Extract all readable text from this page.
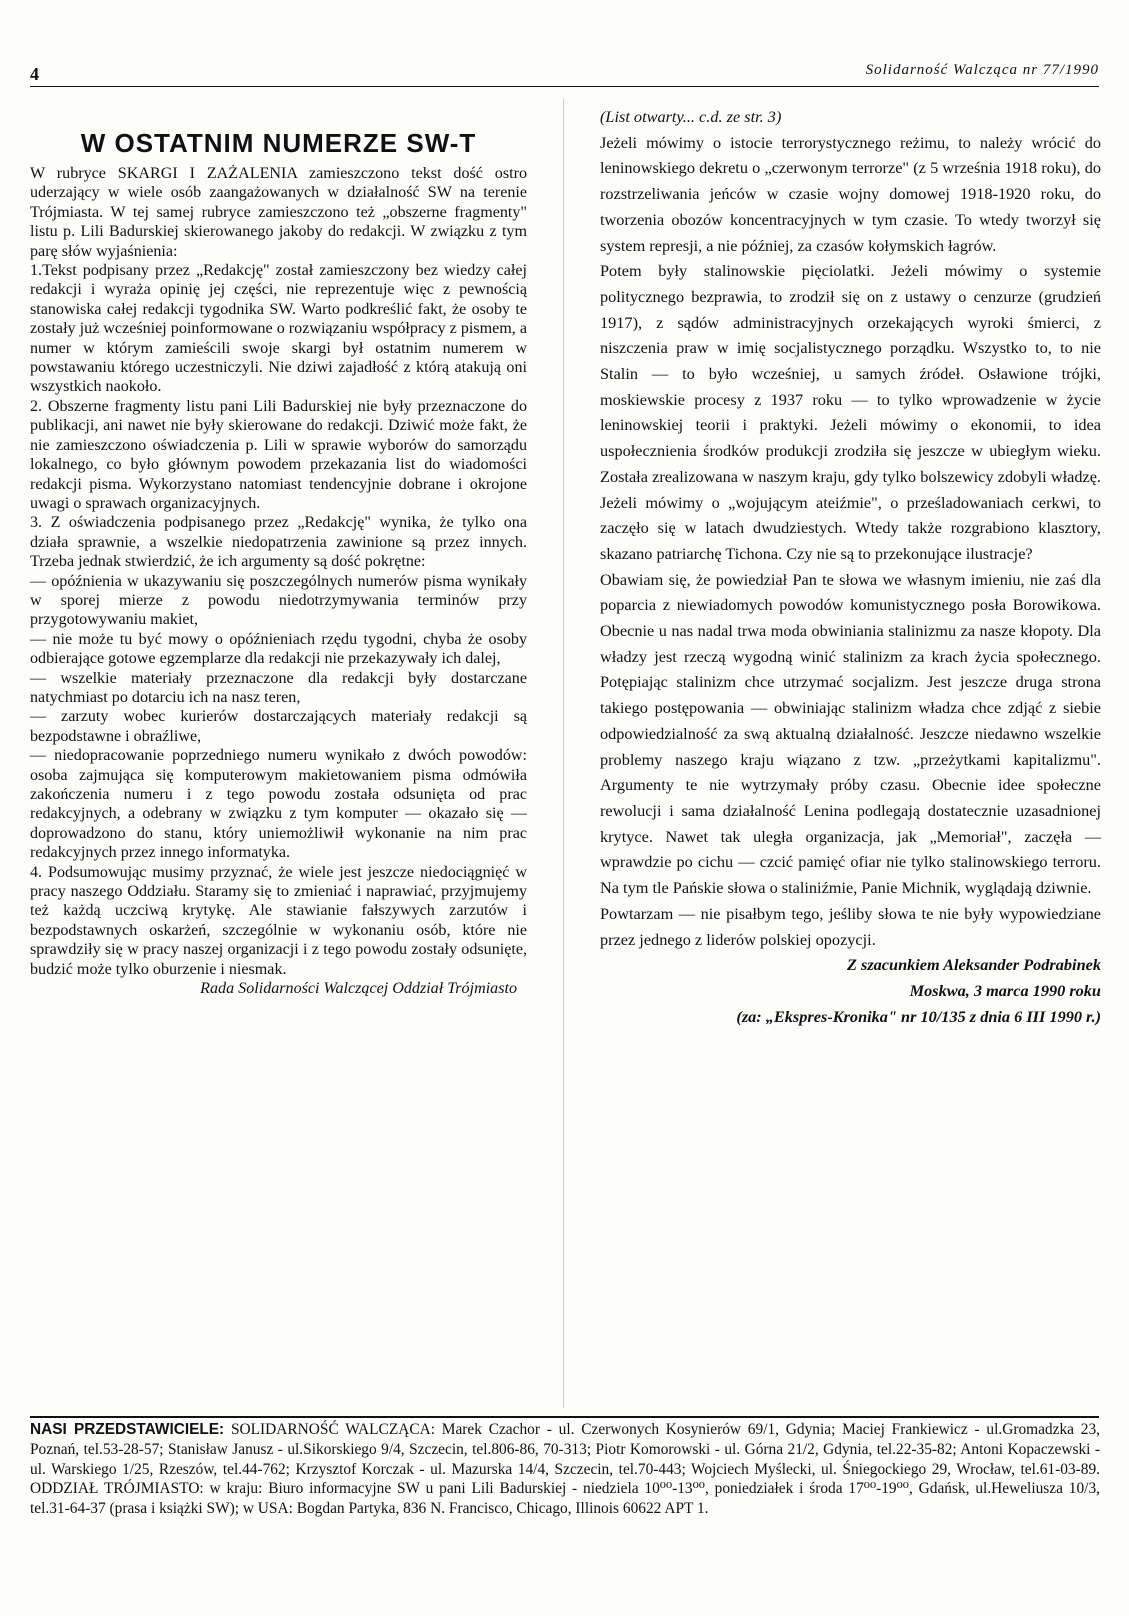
4	Solidarność Walcząca nr 77/1990
W OSTATNIM NUMERZE SW-T

W rubryce SKARGI I ZAŻALENIA zamieszczono tekst dość ostro uderzający w wiele osób zaangażowanych w działalność SW na terenie Trójmiasta. W tej samej rubryce zamieszczono też „obszerne fragmenty" listu p. Lili Badurskiej skierowanego jakoby do redakcji. W związku z tym parę słów wyjaśnienia:

1.Tekst podpisany przez „Redakcję" został zamieszczony bez wiedzy całej redakcji i wyraża opinię jej części, nie reprezentuje więc z pewnością stanowiska całej redakcji tygodnika SW. Warto podkreślić fakt, że osoby te zostały już wcześniej poinformowane o rozwiązaniu współpracy z pismem, a numer w którym zamieścili swoje skargi był ostatnim numerem w powstawaniu którego uczestniczyli. Nie dziwi zajadłość z którą atakują oni wszystkich naokoło.

2. Obszerne fragmenty listu pani Lili Badurskiej nie były przeznaczone do publikacji, ani nawet nie były skierowane do redakcji. Dziwić może fakt, że nie zamieszczono oświadczenia p. Lili w sprawie wyborów do samorządu lokalnego, co było głównym powodem przekazania list do wiadomości redakcji pisma. Wykorzystano natomiast tendencyjnie dobrane i okrojone uwagi o sprawach organizacyjnych.

3. Z oświadczenia podpisanego przez „Redakcję" wynika, że tylko ona działa sprawnie, a wszelkie niedopatrzenia zawinione są przez innych. Trzeba jednak stwierdzić, że ich argumenty są dość pokrętne:

— opóźnienia w ukazywaniu się poszczególnych numerów pisma wynikały w sporej mierze z powodu niedotrzymywania terminów przy przygotowywaniu makiet,

— nie może tu być mowy o opóźnieniach rzędu tygodni, chyba że osoby odbierające gotowe egzemplarze dla redakcji nie przekazywały ich dalej,

— wszelkie materiały przeznaczone dla redakcji były dostarczane natychmiast po dotarciu ich na nasz teren,

— zarzuty wobec kurierów dostarczających materiały redakcji są bezpodstawne i obraźliwe,

— niedopracowanie poprzedniego numeru wynikało z dwóch powodów: osoba zajmująca się komputerowym makietowaniem pisma odmówiła zakończenia numeru i z tego powodu została odsunięta od prac redakcyjnych, a odebrany w związku z tym komputer — okazało się — doprowadzono do stanu, który uniemożliwił wykonanie na nim prac redakcyjnych przez innego informatyka.

4. Podsumowując musimy przyznać, że wiele jest jeszcze niedociągnięć w pracy naszego Oddziału. Staramy się to zmieniać i naprawiać, przyjmujemy też każdą uczciwą krytykę. Ale stawianie fałszywych zarzutów i bezpodstawnych oskarżeń, szczególnie w wykonaniu osób, które nie sprawdziły się w pracy naszej organizacji i z tego powodu zostały odsunięte, budzić może tylko oburzenie i niesmak.

Rada Solidarności Walczącej Oddział Trójmiasto

(List otwarty... c.d. ze str. 3)

Jeżeli mówimy o istocie terrorystycznego reżimu, to należy wrócić do leninowskiego dekretu o „czerwonym terrorze" (z 5 września 1918 roku), do rozstrzeliwania jeńców w czasie wojny domowej 1918-1920 roku, do tworzenia obozów koncentracyjnych w tym czasie. To wtedy tworzył się system represji, a nie później, za czasów kołymskich łagrów.

Potem były stalinowskie pięciolatki. Jeżeli mówimy o systemie politycznego bezprawia, to zrodził się on z ustawy o cenzurze (grudzień 1917), z sądów administracyjnych orzekających wyroki śmierci, z niszczenia praw w imię socjalistycznego porządku. Wszystko to, to nie Stalin — to było wcześniej, u samych źródeł. Osławione trójki, moskiewskie procesy z 1937 roku — to tylko wprowadzenie w życie leninowskiej teorii i praktyki. Jeżeli mówimy o ekonomii, to idea uspołecznienia środków produkcji zrodziła się jeszcze w ubiegłym wieku. Została zrealizowana w naszym kraju, gdy tylko bolszewicy zdobyli władzę. Jeżeli mówimy o „wojującym ateiźmie", o prześladowaniach cerkwi, to zaczęło się w latach dwudziestych. Wtedy także rozgrabiono klasztory, skazano patriarchę Tichona. Czy nie są to przekonujące ilustracje?

Obawiam się, że powiedział Pan te słowa we własnym imieniu, nie zaś dla poparcia z niewiadomych powodów komunistycznego posła Borowikowa. Obecnie u nas nadal trwa moda obwiniania stalinizmu za nasze kłopoty. Dla władzy jest rzeczą wygodną winić stalinizm za krach życia społecznego. Potępiając stalinizm chce utrzymać socjalizm. Jest jeszcze druga strona takiego postępowania — obwiniając stalinizm władza chce zdjąć z siebie odpowiedzialność za swą aktualną działalność. Jeszcze niedawno wszelkie problemy naszego kraju wiązano z tzw. „przeżytkami kapitalizmu". Argumenty te nie wytrzymały próby czasu. Obecnie idee społeczne rewolucji i sama działalność Lenina podlegają dostatecznie uzasadnionej krytyce. Nawet tak uległa organizacja, jak „Memoriał", zaczęła — wprawdzie po cichu — czcić pamięć ofiar nie tylko stalinowskiego terroru. Na tym tle Pańskie słowa o staliniźmie, Panie Michnik, wyglądają dziwnie.

Powtarzam — nie pisałbym tego, jeśliby słowa te nie były wypowiedziane przez jednego z liderów polskiej opozycji.

Z szacunkiem Aleksander Podrabinek

Moskwa, 3 marca 1990 roku

(za: „Ekspres-Kronika" nr 10/135 z dnia 6 III 1990 r.)

NASI PRZEDSTAWICIELE: SOLIDARNOŚĆ WALCZĄCA: Marek Czachor - ul. Czerwonych Kosynierów 69/1, Gdynia; Maciej Frankiewicz - ul.Gromadzka 23, Poznań, tel.53-28-57; Stanisław Janusz - ul.Sikorskiego 9/4, Szczecin, tel.806-86, 70-313; Piotr Komorowski - ul. Górna 21/2, Gdynia, tel.22-35-82; Antoni Kopaczewski - ul. Warskiego 1/25, Rzeszów, tel.44-762; Krzysztof Korczak - ul. Mazurska 14/4, Szczecin, tel.70-443; Wojciech Myślecki, ul. Śniegockiego 29, Wrocław, tel.61-03-89. ODDZIAŁ TRÓJMIASTO: w kraju: Biuro informacyjne SW u pani Lili Badurskiej - niedziela 10⁰⁰-13⁰⁰, poniedziałek i środa 17⁰⁰-19⁰⁰, Gdańsk, ul.Heweliusza 10/3, tel.31-64-37 (prasa i książki SW); w USA: Bogdan Partyka, 836 N. Francisco, Chicago, Illinois 60622 APT 1.
